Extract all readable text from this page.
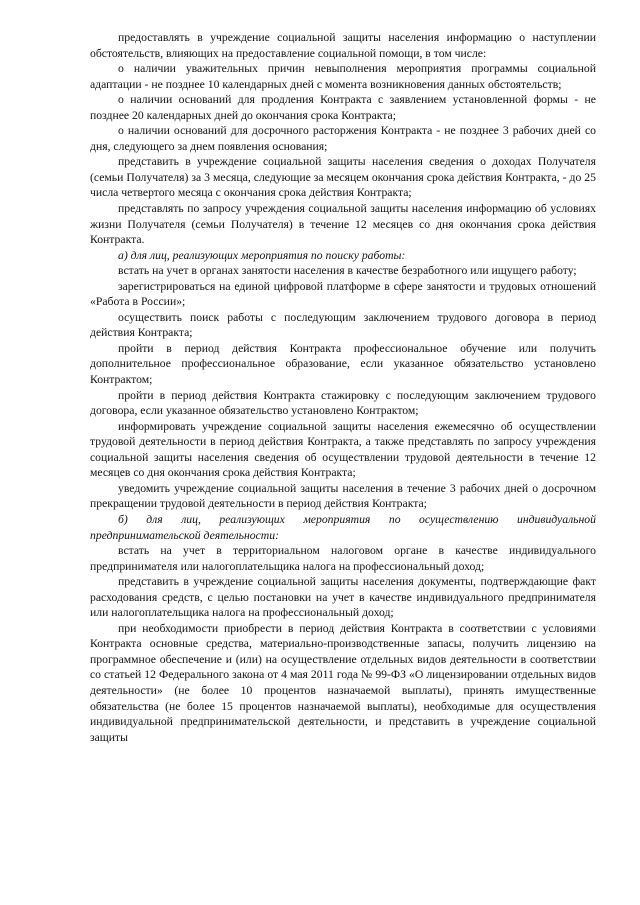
предоставлять в учреждение социальной защиты населения информацию о наступлении обстоятельств, влияющих на предоставление социальной помощи, в том числе:

о наличии уважительных причин невыполнения мероприятия программы социальной адаптации - не позднее 10 календарных дней с момента возникновения данных обстоятельств;

о наличии оснований для продления Контракта с заявлением установленной формы - не позднее 20 календарных дней до окончания срока Контракта;

о наличии оснований для досрочного расторжения Контракта - не позднее 3 рабочих дней со дня, следующего за днем появления основания;

представить в учреждение социальной защиты населения сведения о доходах Получателя (семьи Получателя) за 3 месяца, следующие за месяцем окончания срока действия Контракта, - до 25 числа четвертого месяца с окончания срока действия Контракта;

представлять по запросу учреждения социальной защиты населения информацию об условиях жизни Получателя (семьи Получателя) в течение 12 месяцев со дня окончания срока действия Контракта.

а) для лиц, реализующих мероприятия по поиску работы:

встать на учет в органах занятости населения в качестве безработного или ищущего работу;

зарегистрироваться на единой цифровой платформе в сфере занятости и трудовых отношений «Работа в России»;

осуществить поиск работы с последующим заключением трудового договора в период действия Контракта;

пройти в период действия Контракта профессиональное обучение или получить дополнительное профессиональное образование, если указанное обязательство установлено Контрактом;

пройти в период действия Контракта стажировку с последующим заключением трудового договора, если указанное обязательство установлено Контрактом;

информировать учреждение социальной защиты населения ежемесячно об осуществлении трудовой деятельности в период действия Контракта, а также представлять по запросу учреждения социальной защиты населения сведения об осуществлении трудовой деятельности в течение 12 месяцев со дня окончания срока действия Контракта;

уведомить учреждение социальной защиты населения в течение 3 рабочих дней о досрочном прекращении трудовой деятельности в период действия Контракта;

б) для лиц, реализующих мероприятия по осуществлению индивидуальной предпринимательской деятельности:

встать на учет в территориальном налоговом органе в качестве индивидуального предпринимателя или налогоплательщика налога на профессиональный доход;

представить в учреждение социальной защиты населения документы, подтверждающие факт расходования средств, с целью постановки на учет в качестве индивидуального предпринимателя или налогоплательщика налога на профессиональный доход;

при необходимости приобрести в период действия Контракта в соответствии с условиями Контракта основные средства, материально-производственные запасы, получить лицензию на программное обеспечение и (или) на осуществление отдельных видов деятельности в соответствии со статьей 12 Федерального закона от 4 мая 2011 года № 99-ФЗ «О лицензировании отдельных видов деятельности» (не более 10 процентов назначаемой выплаты), принять имущественные обязательства (не более 15 процентов назначаемой выплаты), необходимые для осуществления индивидуальной предпринимательской деятельности, и представить в учреждение социальной защиты
